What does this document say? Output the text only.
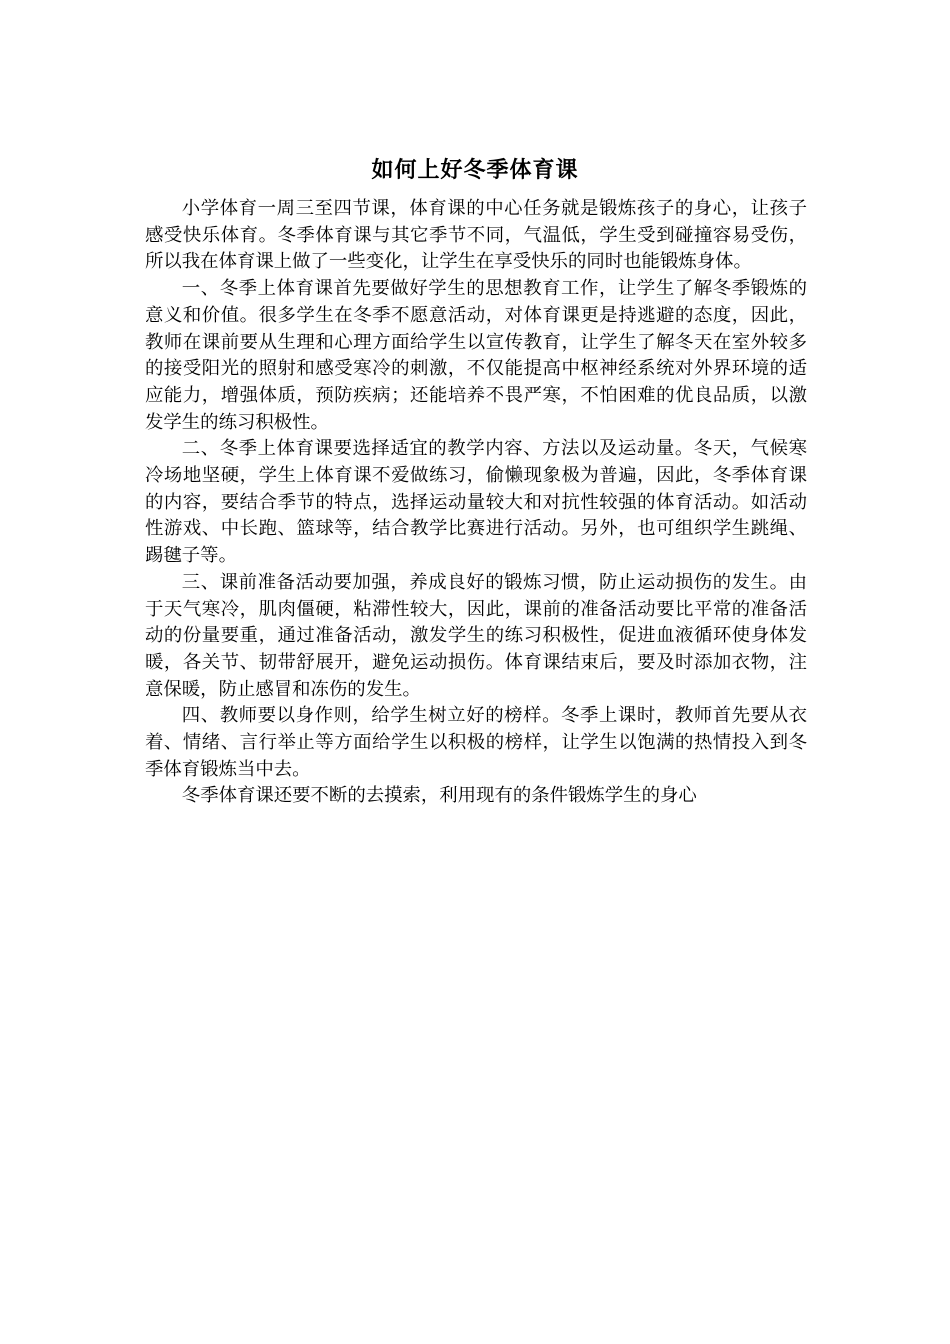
如何上好冬季体育课

小学体育一周三至四节课，体育课的中心任务就是锻炼孩子的身心，让孩子感受快乐体育。冬季体育课与其它季节不同，气温低，学生受到碰撞容易受伤，所以我在体育课上做了一些变化，让学生在享受快乐的同时也能锻炼身体。

一、冬季上体育课首先要做好学生的思想教育工作，让学生了解冬季锻炼的意义和价值。很多学生在冬季不愿意活动，对体育课更是持逃避的态度，因此，教师在课前要从生理和心理方面给学生以宣传教育，让学生了解冬天在室外较多的接受阳光的照射和感受寒冷的刺激，不仅能提高中枢神经系统对外界环境的适应能力，增强体质，预防疾病；还能培养不畏严寒，不怕困难的优良品质，以激发学生的练习积极性。

二、冬季上体育课要选择适宜的教学内容、方法以及运动量。冬天，气候寒冷场地坚硬，学生上体育课不爱做练习，偷懒现象极为普遍，因此，冬季体育课的内容，要结合季节的特点，选择运动量较大和对抗性较强的体育活动。如活动性游戏、中长跑、篮球等，结合教学比赛进行活动。另外，也可组织学生跳绳、踢毽子等。

三、课前准备活动要加强，养成良好的锻炼习惯，防止运动损伤的发生。由于天气寒冷，肌肉僵硬，粘滞性较大，因此，课前的准备活动要比平常的准备活动的份量要重，通过准备活动，激发学生的练习积极性，促进血液循环使身体发暖，各关节、韧带舒展开，避免运动损伤。体育课结束后，要及时添加衣物，注意保暖，防止感冒和冻伤的发生。

四、教师要以身作则，给学生树立好的榜样。冬季上课时，教师首先要从衣着、情绪、言行举止等方面给学生以积极的榜样，让学生以饱满的热情投入到冬季体育锻炼当中去。

冬季体育课还要不断的去摸索，利用现有的条件锻炼学生的身心
